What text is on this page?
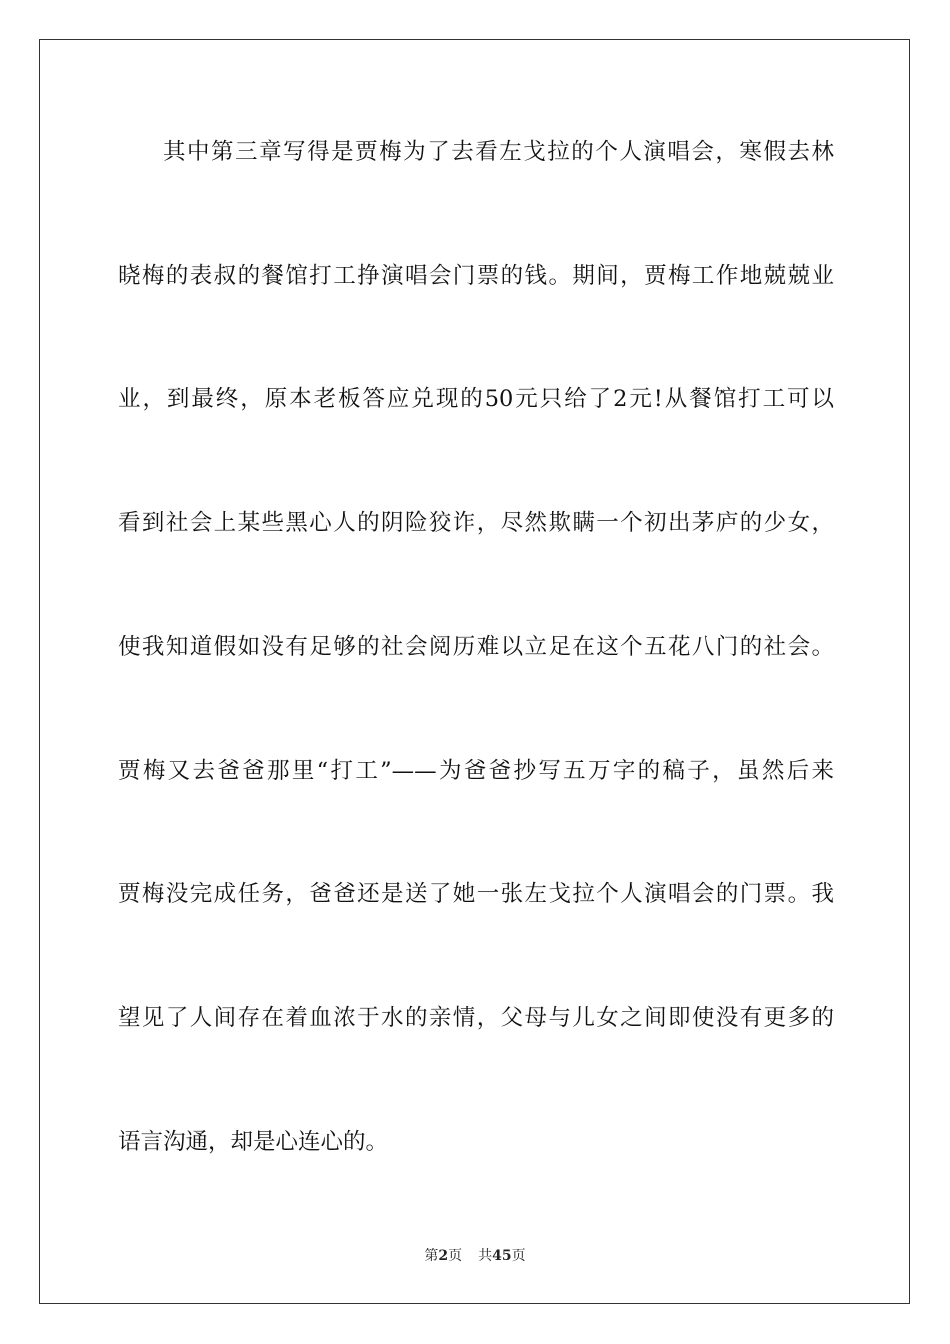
其中第三章写得是贾梅为了去看左戈拉的个人演唱会，寒假去林
晓梅的表叔的餐馆打工挣演唱会门票的钱。期间，贾梅工作地兢兢业
业，到最终，原本老板答应兑现的50元只给了2元!从餐馆打工可以
看到社会上某些黑心人的阴险狡诈，尽然欺瞒一个初出茅庐的少女，
使我知道假如没有足够的社会阅历难以立足在这个五花八门的社会。
贾梅又去爸爸那里“打工”——为爸爸抄写五万字的稿子，虽然后来
贾梅没完成任务，爸爸还是送了她一张左戈拉个人演唱会的门票。我
望见了人间存在着血浓于水的亲情，父母与儿女之间即使没有更多的
语言沟通，却是心连心的。
第2页 共45页
